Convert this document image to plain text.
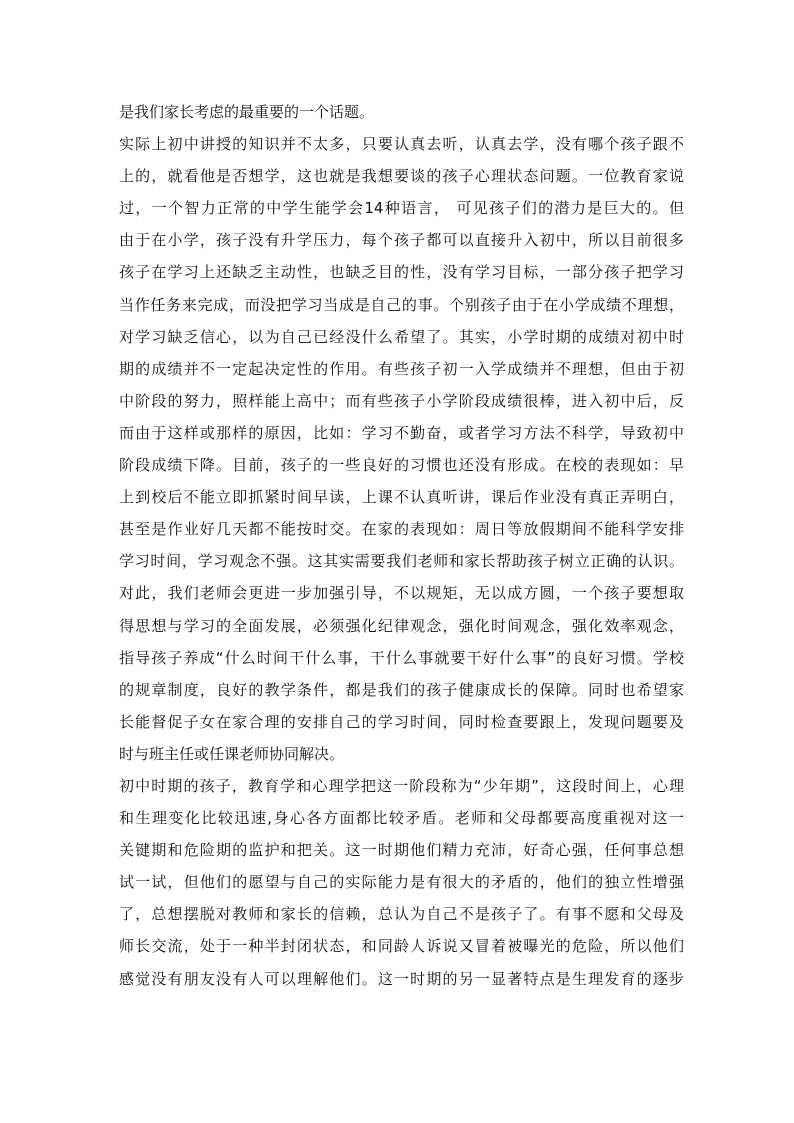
是我们家长考虑的最重要的一个话题。
实际上初中讲授的知识并不太多，只要认真去听，认真去学，没有哪个孩子跟不
上的，就看他是否想学，这也就是我想要谈的孩子心理状态问题。一位教育家说
过，一个智力正常的中学生能学会14种语言， 可见孩子们的潜力是巨大的。但
由于在小学，孩子没有升学压力，每个孩子都可以直接升入初中，所以目前很多
孩子在学习上还缺乏主动性，也缺乏目的性，没有学习目标，一部分孩子把学习
当作任务来完成，而没把学习当成是自己的事。个别孩子由于在小学成绩不理想，
对学习缺乏信心，以为自己已经没什么希望了。其实，小学时期的成绩对初中时
期的成绩并不一定起决定性的作用。有些孩子初一入学成绩并不理想，但由于初
中阶段的努力，照样能上高中；而有些孩子小学阶段成绩很棒，进入初中后，反
而由于这样或那样的原因，比如：学习不勤奋，或者学习方法不科学，导致初中
阶段成绩下降。目前，孩子的一些良好的习惯也还没有形成。在校的表现如：早
上到校后不能立即抓紧时间早读，上课不认真听讲，课后作业没有真正弄明白，
甚至是作业好几天都不能按时交。在家的表现如：周日等放假期间不能科学安排
学习时间，学习观念不强。这其实需要我们老师和家长帮助孩子树立正确的认识。
对此，我们老师会更进一步加强引导，不以规矩，无以成方圆，一个孩子要想取
得思想与学习的全面发展，必须强化纪律观念，强化时间观念，强化效率观念，
指导孩子养成“什么时间干什么事，干什么事就要干好什么事”的良好习惯。学校
的规章制度，良好的教学条件，都是我们的孩子健康成长的保障。同时也希望家
长能督促子女在家合理的安排自己的学习时间，同时检查要跟上，发现问题要及
时与班主任或任课老师协同解决。
初中时期的孩子，教育学和心理学把这一阶段称为“少年期”，这段时间上，心理
和生理变化比较迅速,身心各方面都比较矛盾。老师和父母都要高度重视对这一
关键期和危险期的监护和把关。这一时期他们精力充沛，好奇心强，任何事总想
试一试，但他们的愿望与自己的实际能力是有很大的矛盾的，他们的独立性增强
了，总想摆脱对教师和家长的信赖，总认为自己不是孩子了。有事不愿和父母及
师长交流，处于一种半封闭状态，和同龄人诉说又冒着被曝光的危险，所以他们
感觉没有朋友没有人可以理解他们。这一时期的另一显著特点是生理发育的逐步
